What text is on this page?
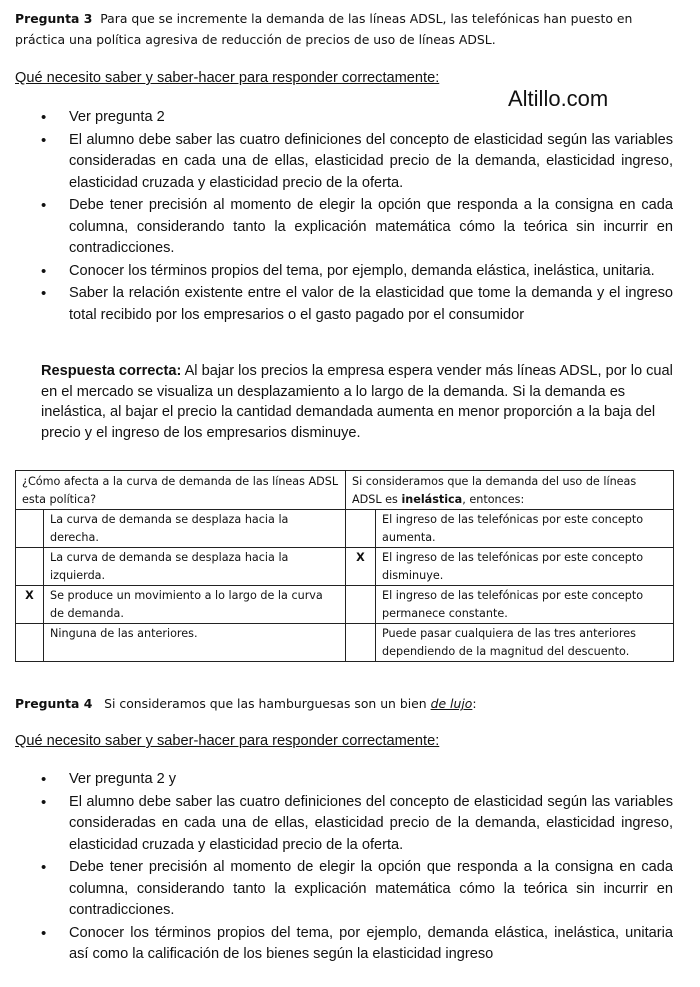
Pregunta 3 Para que se incremente la demanda de las líneas ADSL, las telefónicas han puesto en
práctica una política agresiva de reducción de precios de uso de líneas ADSL.
Qué necesito saber y saber-hacer para responder correctamente:
Altillo.com
• Ver pregunta 2
• El alumno debe saber las cuatro definiciones del concepto de elasticidad según las variables consideradas en cada una de ellas, elasticidad precio de la demanda, elasticidad ingreso, elasticidad cruzada y elasticidad precio de la oferta.
• Debe tener precisión al momento de elegir la opción que responda a la consigna en cada columna, considerando tanto la explicación matemática cómo la teórica sin incurrir en contradicciones.
• Conocer los términos propios del tema, por ejemplo, demanda elástica, inelástica, unitaria.
• Saber la relación existente entre el valor de la elasticidad que tome la demanda y el ingreso total recibido por los empresarios o el gasto pagado por el consumidor
Respuesta correcta: Al bajar los precios la empresa espera vender más líneas ADSL, por lo cual en el mercado se visualiza un desplazamiento a lo largo de la demanda. Si la demanda es inelástica, al bajar el precio la cantidad demandada aumenta en menor proporción a la baja del precio y el ingreso de los empresarios disminuye.
¿Cómo afecta a la curva de demanda de las líneas ADSL esta política?		Si consideramos que la demanda del uso de líneas ADSL es inelástica, entonces:	
	La curva de demanda se desplaza hacia la derecha.		El ingreso de las telefónicas por este concepto aumenta.
	La curva de demanda se desplaza hacia la izquierda.	X	El ingreso de las telefónicas por este concepto disminuye.
X	Se produce un movimiento a lo largo de la curva de demanda.		El ingreso de las telefónicas por este concepto permanece constante.
	Ninguna de las anteriores.		Puede pasar cualquiera de las tres anteriores dependiendo de la magnitud del descuento.
Pregunta 4 Si consideramos que las hamburguesas son un bien de lujo:
Qué necesito saber y saber-hacer para responder correctamente:
• Ver pregunta 2 y
• El alumno debe saber las cuatro definiciones del concepto de elasticidad según las variables consideradas en cada una de ellas, elasticidad precio de la demanda, elasticidad ingreso, elasticidad cruzada y elasticidad precio de la oferta.
• Debe tener precisión al momento de elegir la opción que responda a la consigna en cada columna, considerando tanto la explicación matemática cómo la teórica sin incurrir en contradicciones.
• Conocer los términos propios del tema, por ejemplo, demanda elástica, inelástica, unitaria así como la calificación de los bienes según la elasticidad ingreso
